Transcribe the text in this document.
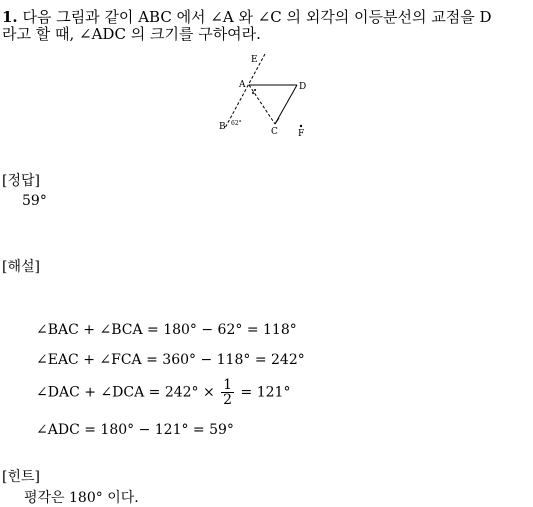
1. 다음 그림과 같이 ABC 에서 ∠A 와 ∠C 의 외각의 이등분선의 교점을 D
라고 할 때, ∠ADC 의 크기를 구하여라.
E
A	D
B	C F
62°
[정답]
59°
[해설]
∠BAC + ∠BCA = 180° − 62° = 118°
∠EAC + ∠FCA = 360° − 118° = 242°
∠DAC + ∠DCA = $242^\circ \times \frac{1}{2} = 121^\circ$
∠ADC = 180° − 121° = 59°
[힌트]
평각은 180° 이다.
